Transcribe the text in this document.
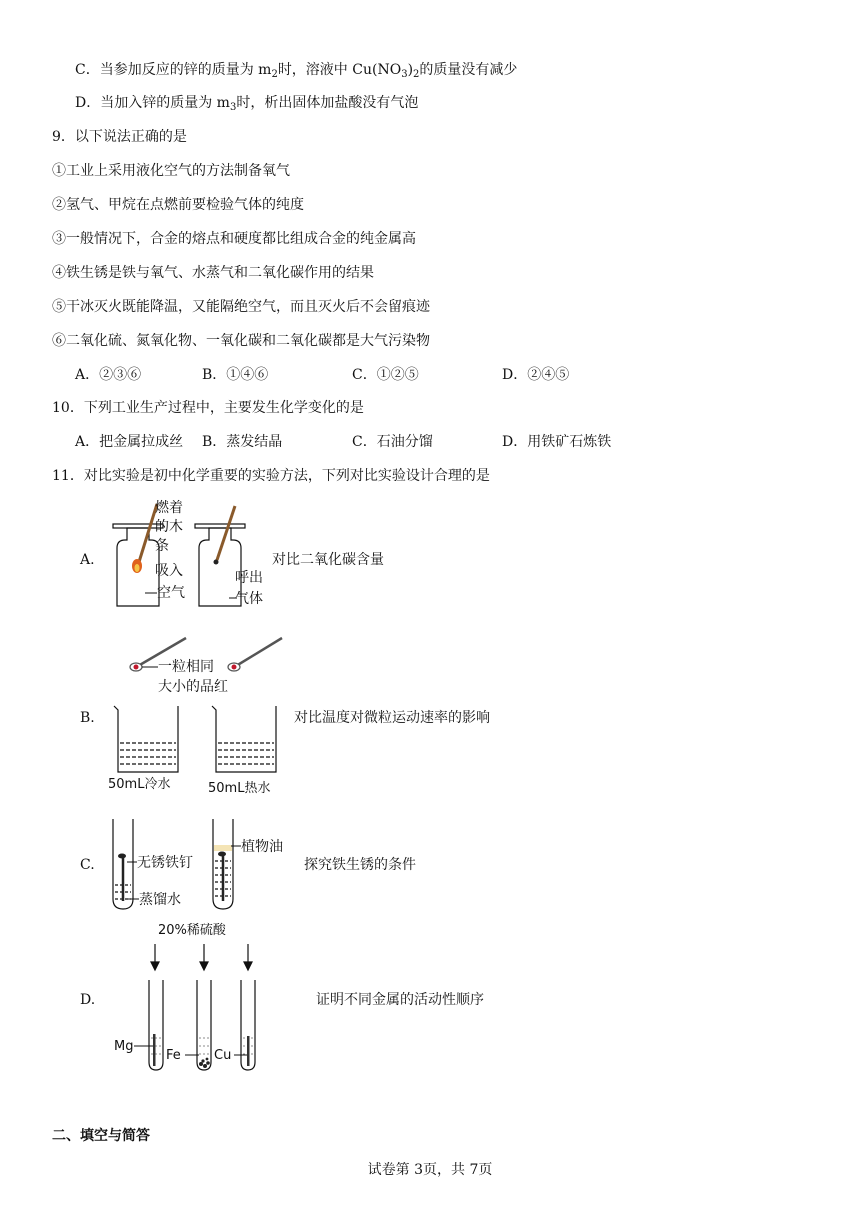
C．当参加反应的锌的质量为 $m_2$时，溶液中 $Cu(NO_3)_2$的质量没有减少
D．当加入锌的质量为 $m_3$时，析出固体加盐酸没有气泡
9．以下说法正确的是
①工业上采用液化空气的方法制备氧气
②氢气、甲烷在点燃前要检验气体的纯度
③一般情况下，合金的熔点和硬度都比组成合金的纯金属高
④铁生锈是铁与氧气、水蒸气和二氧化碳作用的结果
⑤干冰灭火既能降温，又能隔绝空气，而且灭火后不会留痕迹
⑥二氧化硫、氮氧化物、一氧化碳和二氧化碳都是大气污染物
A．②③⑥	B．①④⑥	C．①②⑤	D．②④⑤
10．下列工业生产过程中，主要发生化学变化的是
A．把金属拉成丝 B．蒸发结晶	C．石油分馏	D．用铁矿石炼铁
11．对比实验是初中化学重要的实验方法，下列对比实验设计合理的是
A.
燃着
的木
条
吸入
空气
呼出
气体
对比二氧化碳含量
B.
一粒相同
大小的品红
50mL冷水	50mL热水
对比温度对微粒运动速率的影响
C.	无锈铁钉
蒸馏水
植物油
探究铁生锈的条件
D.
20%稀硫酸
Mg
Fe	Cu
证明不同金属的活动性顺序
二、填空与简答
试卷第 3页，共 7页
